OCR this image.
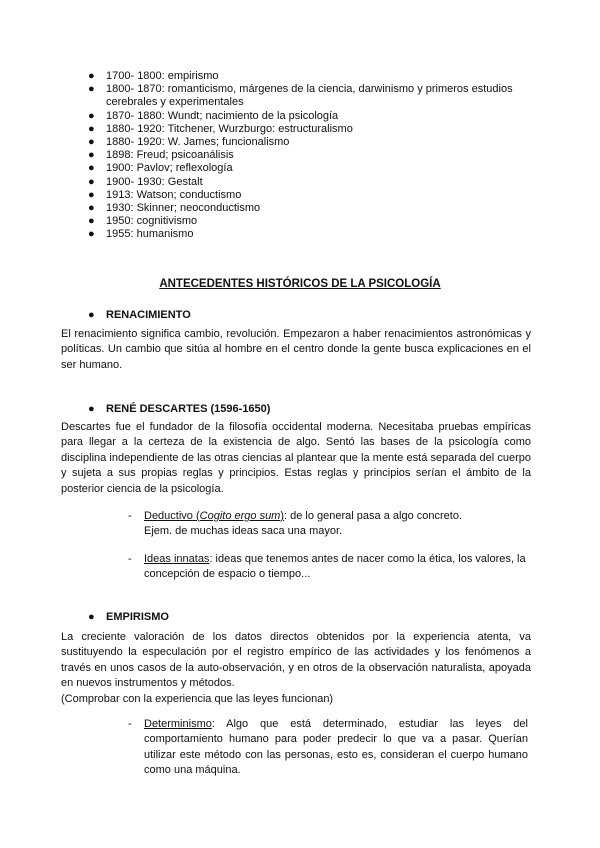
● 1700- 1800: empirismo
● 1800- 1870: romanticismo, márgenes de la ciencia, darwinismo y primeros estudios cerebrales y experimentales
● 1870- 1880: Wundt; nacimiento de la psicología
● 1880- 1920: Titchener, Wurzburgo: estructuralismo
● 1880- 1920: W. James; funcionalismo
● 1898: Freud; psicoanálisis
● 1900: Pavlov; reflexología
● 1900- 1930: Gestalt
● 1913: Watson; conductismo
● 1930: Skinner; neoconductismo
● 1950: cognitivismo
● 1955: humanismo
ANTECEDENTES HISTÓRICOS DE LA PSICOLOGÍA
● RENACIMIENTO
El renacimiento significa cambio, revolución. Empezaron a haber renacimientos astronómicas y políticas. Un cambio que sitúa al hombre en el centro donde la gente busca explicaciones en el ser humano.
● RENÉ DESCARTES (1596-1650)
Descartes fue el fundador de la filosofía occidental moderna. Necesitaba pruebas empíricas para llegar a la certeza de la existencia de algo. Sentó las bases de la psicología como disciplina independiente de las otras ciencias al plantear que la mente está separada del cuerpo y sujeta a sus propias reglas y principios. Estas reglas y principios serían el ámbito de la posterior ciencia de la psicología.
- Deductivo (Cogito ergo sum): de lo general pasa a algo concreto.
Ejem. de muchas ideas saca una mayor.
- Ideas innatas: ideas que tenemos antes de nacer como la ética, los valores, la concepción de espacio o tiempo...
● EMPIRISMO
La creciente valoración de los datos directos obtenidos por la experiencia atenta, va sustituyendo la especulación por el registro empírico de las actividades y los fenómenos a través en unos casos de la auto-observación, y en otros de la observación naturalista, apoyada en nuevos instrumentos y métodos.
(Comprobar con la experiencia que las leyes funcionan)
- Determinismo: Algo que está determinado, estudiar las leyes del comportamiento humano para poder predecir lo que va a pasar. Querían utilizar este método con las personas, esto es, consideran el cuerpo humano como una máquina.
